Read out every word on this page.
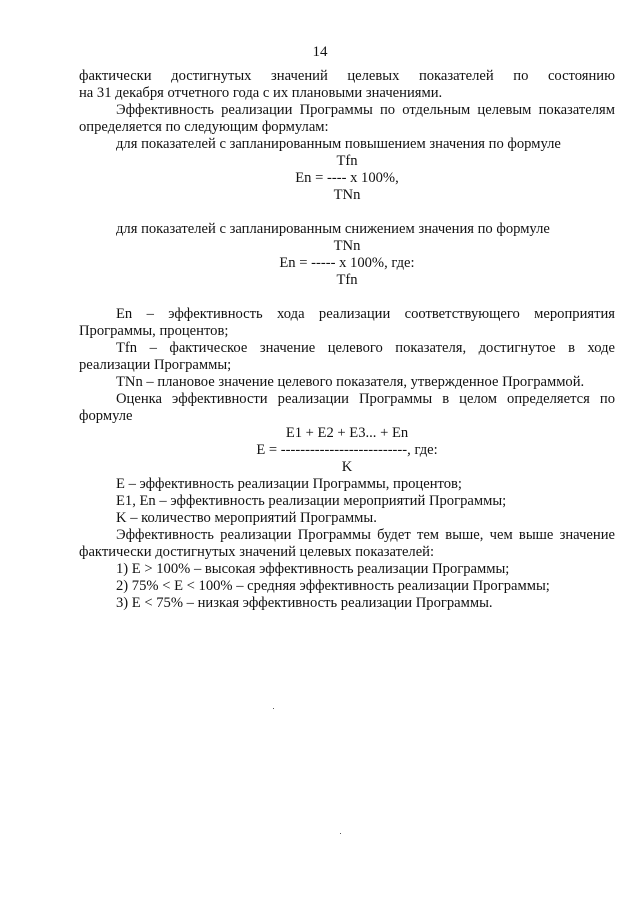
14

фактически достигнутых значений целевых показателей по состоянию

на 31 декабря отчетного года с их плановыми значениями.

Эффективность реализации Программы по отдельным целевым показателям определяется по следующим формулам:

для показателей с запланированным повышением значения по формуле

Tfn

En = ---- x 100%,

TNn

для показателей с запланированным снижением значения по формуле

TNn

En = ----- x 100%, где:

Tfn

En – эффективность хода реализации соответствующего мероприятия Программы, процентов;

Tfn – фактическое значение целевого показателя, достигнутое в ходе реализации Программы;

TNn – плановое значение целевого показателя, утвержденное Программой.

Оценка эффективности реализации Программы в целом определяется по формуле

E1 + E2 + E3... + En

E = --------------------------, где:

K

E – эффективность реализации Программы, процентов;

E1, En – эффективность реализации мероприятий Программы;

K – количество мероприятий Программы.

Эффективность реализации Программы будет тем выше, чем выше значение фактически достигнутых значений целевых показателей:

1) E > 100% – высокая эффективность реализации Программы;

2) 75% < E < 100% – средняя эффективность реализации Программы;

3) E < 75% – низкая эффективность реализации Программы.
